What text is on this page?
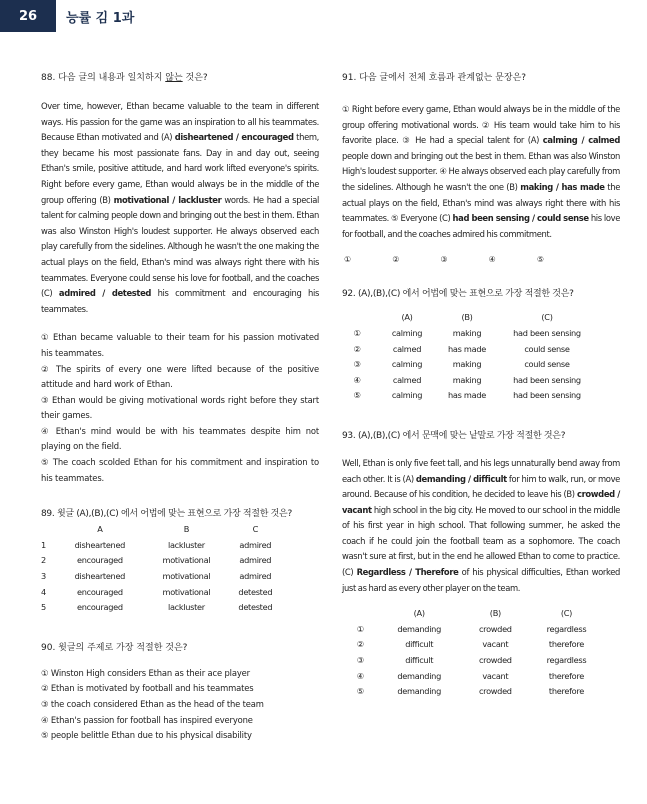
26	능률 김 1과

88. 다음 글의 내용과 일치하지 않는 것은?

Over time, however, Ethan became valuable to the team in different ways. His passion for the game was an inspiration to all his teammates. Because Ethan motivated and (A) disheartened / encouraged them, they became his most passionate fans. Day in and day out, seeing Ethan's smile, positive attitude, and hard work lifted everyone's spirits. Right before every game, Ethan would always be in the middle of the group offering (B) motivational / lackluster words. He had a special talent for calming people down and bringing out the best in them. Ethan was also Winston High's loudest supporter. He always observed each play carefully from the sidelines. Although he wasn't the one making the actual plays on the field, Ethan's mind was always right there with his teammates. Everyone could sense his love for football, and the coaches (C) admired / detested his commitment and encouraging his teammates.

① Ethan became valuable to their team for his passion motivated his teammates.

② The spirits of every one were lifted because of the positive attitude and hard work of Ethan.

③ Ethan would be giving motivational words right before they start their games.

④ Ethan's mind would be with his teammates despite him not playing on the field.

⑤ The coach scolded Ethan for his commitment and inspiration to his teammates.

89. 윗글 (A),(B),(C) 에서 어법에 맞는 표현으로 가장 적절한 것은?

	A	B	C
1	disheartened	lackluster	admired
2	encouraged	motivational	admired
3	disheartened	motivational	admired
4	encouraged	motivational	detested
5	encouraged	lackluster	detested

90. 윗글의 주제로 가장 적절한 것은?

① Winston High considers Ethan as their ace player

② Ethan is motivated by football and his teammates

③ the coach considered Ethan as the head of the team

④ Ethan's passion for football has inspired everyone

⑤ people belittle Ethan due to his physical disability

91. 다음 글에서 전체 흐름과 관계없는 문장은?

① Right before every game, Ethan would always be in the middle of the group offering motivational words. ② His team would take him to his favorite place. ③ He had a special talent for (A) calming / calmed people down and bringing out the best in them. Ethan was also Winston High's loudest supporter. ④ He always observed each play carefully from the sidelines. Although he wasn't the one (B) making / has made the actual plays on the field, Ethan's mind was always right there with his teammates. ⑤ Everyone (C) had been sensing / could sense his love for football, and the coaches admired his commitment.

①	②	③	④	⑤

92. (A),(B),(C) 에서 어법에 맞는 표현으로 가장 적절한 것은?

	(A)	(B)	(C)
①	calming	making	had been sensing
②	calmed	has made	could sense
③	calming	making	could sense
④	calmed	making	had been sensing
⑤	calming	has made	had been sensing

93. (A),(B),(C) 에서 문맥에 맞는 낱말로 가장 적절한 것은?

Well, Ethan is only five feet tall, and his legs unnaturally bend away from each other. It is (A) demanding / difficult for him to walk, run, or move around. Because of his condition, he decided to leave his (B) crowded / vacant high school in the big city. He moved to our school in the middle of his first year in high school. That following summer, he asked the coach if he could join the football team as a sophomore. The coach wasn't sure at first, but in the end he allowed Ethan to come to practice. (C) Regardless / Therefore of his physical difficulties, Ethan worked just as hard as every other player on the team.

	(A)	(B)	(C)
①	demanding	crowded	regardless
②	difficult	vacant	therefore
③	difficult	crowded	regardless
④	demanding	vacant	therefore
⑤	demanding	crowded	therefore
